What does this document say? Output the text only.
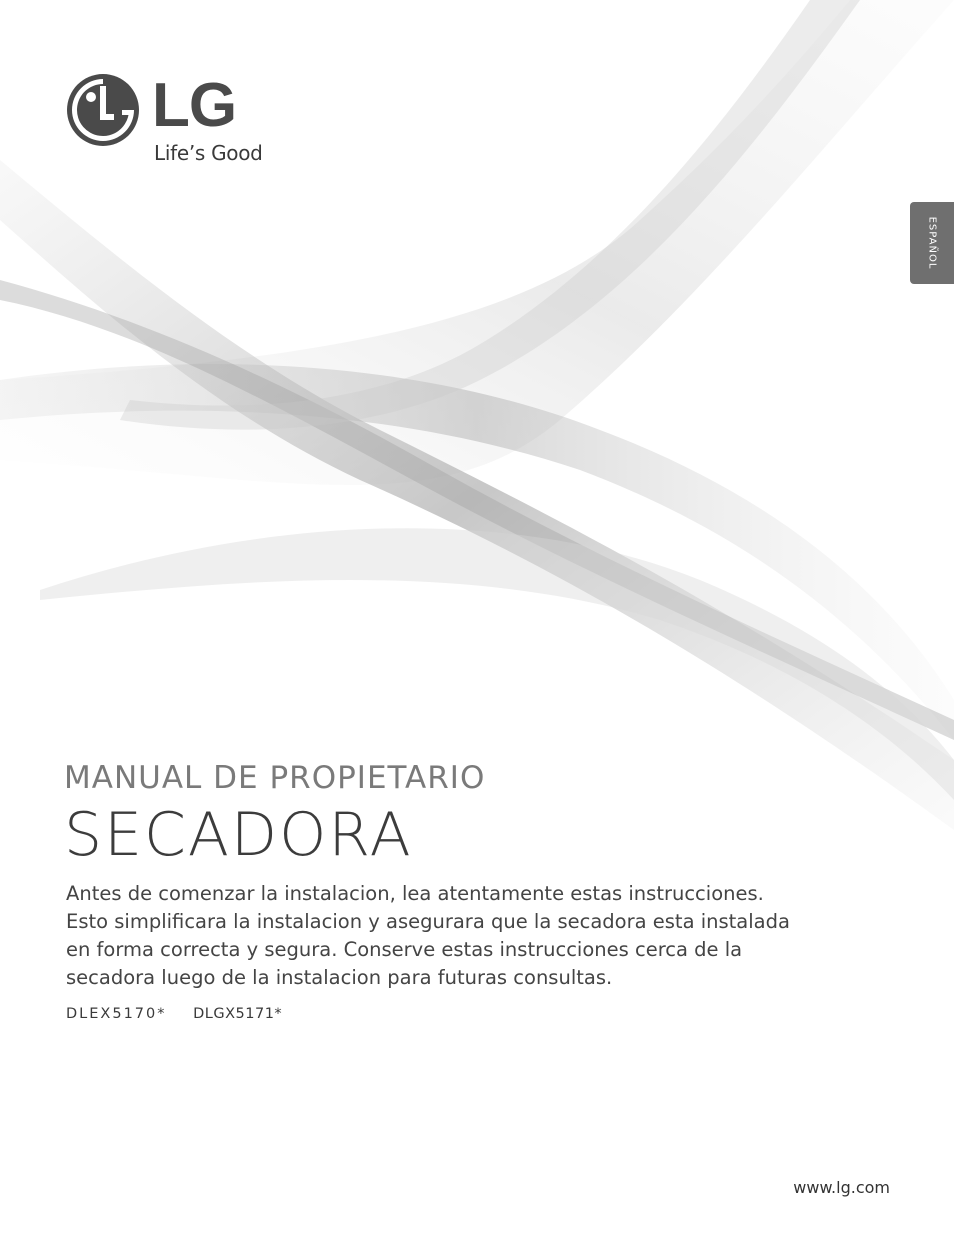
LG
Life’s Good
ESPAÑOL
MANUAL DE PROPIETARIO
SECADORA
Antes de comenzar la instalacion, lea atentamente estas instrucciones.
Esto simplificara la instalacion y asegurara que la secadora esta instalada
en forma correcta y segura. Conserve estas instrucciones cerca de la
secadora luego de la instalacion para futuras consultas.
DLEX5170* DLGX5171*
www.lg.com
